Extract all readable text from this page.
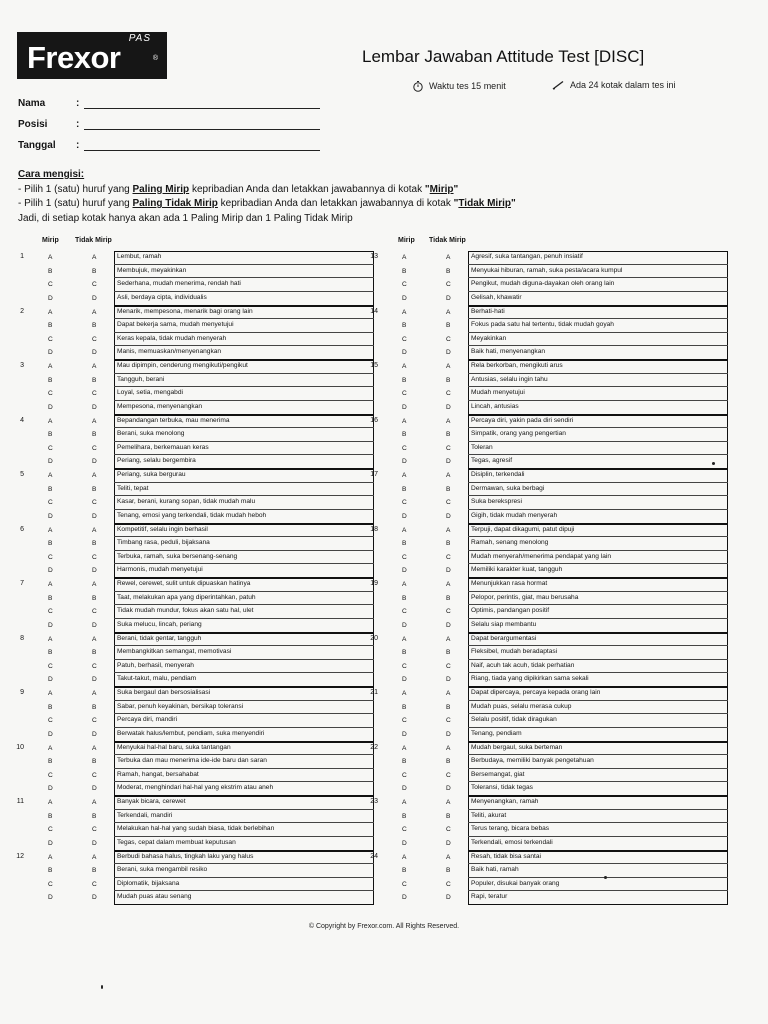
PAS
Frexor	®	Lembar Jawaban Attitude Test [DISC]
Waktu tes 15 menit	Ada 24 kotak dalam tes ini
Nama	:
Posisi	:
Tanggal	:
Cara mengisi:
- Pilih 1 (satu) huruf yang Paling Mirip kepribadian Anda dan letakkan jawabannya di kotak "Mirip"
- Pilih 1 (satu) huruf yang Paling Tidak Mirip kepribadian Anda dan letakkan jawabannya di kotak "Tidak Mirip"
Jadi, di setiap kotak hanya akan ada 1 Paling Mirip dan 1 Paling Tidak Mirip
Mirip Tidak Mirip	Mirip Tidak Mirip
1	A	A	Lembut, ramah
B	B	Membujuk, meyakinkan
C	C	Sederhana, mudah menerima, rendah hati
D	D	Asli, berdaya cipta, individualis
2	A	A	Menarik, mempesona, menarik bagi orang lain
B	B	Dapat bekerja sama, mudah menyetujui
C	C	Keras kepala, tidak mudah menyerah
D	D	Manis, memuaskan/menyenangkan
3	A	A	Mau dipimpin, cenderung mengikuti/pengikut
B	B	Tangguh, berani
C	C	Loyal, setia, mengabdi
D	D	Mempesona, menyenangkan
4	A	A	Bepandangan terbuka, mau menerima
B	B	Berani, suka menolong
C	C	Pemelihara, berkemauan keras
D	D	Periang, selalu bergembira
5	A	A	Periang, suka bergurau
B	B	Teliti, tepat
C	C	Kasar, berani, kurang sopan, tidak mudah malu
D	D	Tenang, emosi yang terkendali, tidak mudah heboh
6	A	A	Kompetitif, selalu ingin berhasil
B	B	Timbang rasa, peduli, bijaksana
C	C	Terbuka, ramah, suka bersenang-senang
D	D	Harmonis, mudah menyetujui
7	A	A	Rewel, cerewet, sulit untuk dipuaskan hatinya
B	B	Taat, melakukan apa yang diperintahkan, patuh
C	C	Tidak mudah mundur, fokus akan satu hal, ulet
D	D	Suka melucu, lincah, periang
8	A	A	Berani, tidak gentar, tangguh
B	B	Membangkitkan semangat, memotivasi
C	C	Patuh, berhasil, menyerah
D	D	Takut-takut, malu, pendiam
9	A	A	Suka bergaul dan bersosialisasi
B	B	Sabar, penuh keyakinan, bersikap toleransi
C	C	Percaya diri, mandiri
D	D	Berwatak halus/lembut, pendiam, suka menyendiri
10	A	A	Menyukai hal-hal baru, suka tantangan
B	B	Terbuka dan mau menerima ide-ide baru dan saran
C	C	Ramah, hangat, bersahabat
D	D	Moderat, menghindari hal-hal yang ekstrim atau aneh
11	A	A	Banyak bicara, cerewet
B	B	Terkendali, mandiri
C	C	Melakukan hal-hal yang sudah biasa, tidak berlebihan
D	D	Tegas, cepat dalam membuat keputusan
12	A	A	Berbudi bahasa halus, tingkah laku yang halus
B	B	Berani, suka mengambil resiko
C	C	Diplomatik, bijaksana
D	D	Mudah puas atau senang
13	A	A	Agresif, suka tantangan, penuh insiatif
B	B	Menyukai hiburan, ramah, suka pesta/acara kumpul
C	C	Pengikut, mudah diguna-dayakan oleh orang lain
D	D	Gelisah, khawatir
14	A	A	Berhati-hati
B	B	Fokus pada satu hal tertentu, tidak mudah goyah
C	C	Meyakinkan
D	D	Baik hati, menyenangkan
15	A	A	Rela berkorban, mengikuti arus
B	B	Antusias, selalu ingin tahu
C	C	Mudah menyetujui
D	D	Lincah, antusias
16	A	A	Percaya diri, yakin pada diri sendiri
B	B	Simpatik, orang yang pengertian
C	C	Toleran
D	D	Tegas, agresif
17	A	A	Disiplin, terkendali
B	B	Dermawan, suka berbagi
C	C	Suka berekspresi
D	D	Gigih, tidak mudah menyerah
18	A	A	Terpuji, dapat dikagumi, patut dipuji
B	B	Ramah, senang menolong
C	C	Mudah menyerah/menerima pendapat yang lain
D	D	Memiliki karakter kuat, tangguh
19	A	A	Menunjukkan rasa hormat
B	B	Pelopor, perintis, giat, mau berusaha
C	C	Optimis, pandangan positif
D	D	Selalu siap membantu
20	A	A	Dapat berargumentasi
B	B	Fleksibel, mudah beradaptasi
C	C	Naif, acuh tak acuh, tidak perhatian
D	D	Riang, tiada yang dipikirkan sama sekali
21	A	A	Dapat dipercaya, percaya kepada orang lain
B	B	Mudah puas, selalu merasa cukup
C	C	Selalu positif, tidak diragukan
D	D	Tenang, pendiam
22	A	A	Mudah bergaul, suka berteman
B	B	Berbudaya, memiliki banyak pengetahuan
C	C	Bersemangat, giat
D	D	Toleransi, tidak tegas
23	A	A	Menyenangkan, ramah
B	B	Teliti, akurat
C	C	Terus terang, bicara bebas
D	D	Terkendali, emosi terkendali
24	A	A	Resah, tidak bisa santai
B	B	Baik hati, ramah
C	C	Populer, disukai banyak orang
D	D	Rapi, teratur
© Copyright by Frexor.com. All Rights Reserved.
